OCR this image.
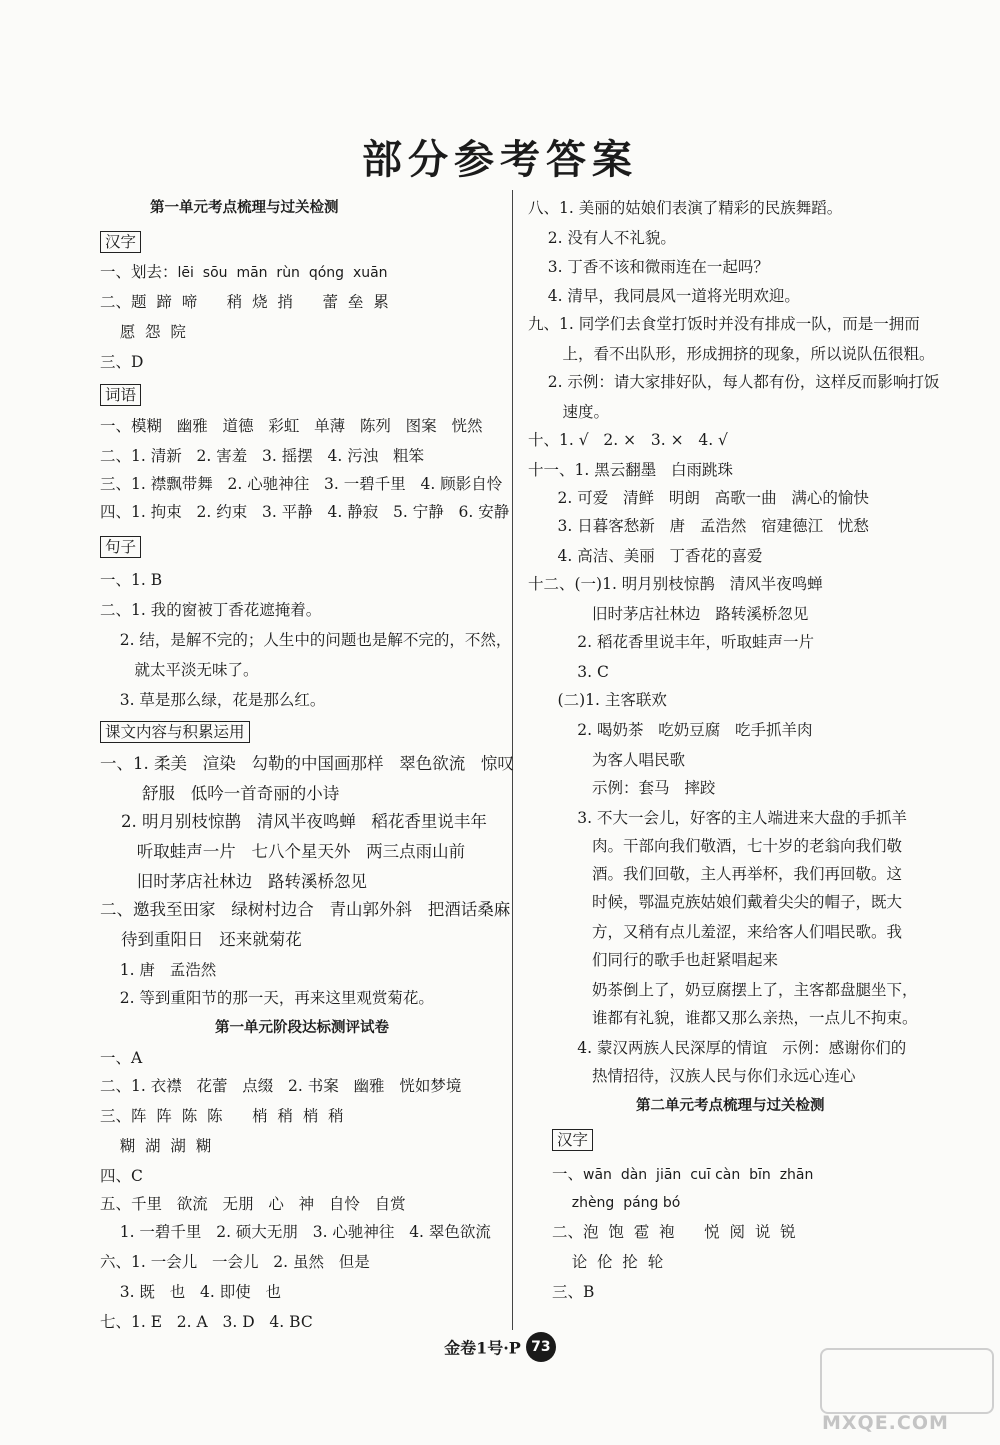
部分参考答案
第一单元考点梳理与过关检测
汉字
一、划去：lēi  sōu  mān  rùn  qóng  xuān
二、题  蹄  啼      稍  烧  捎      蕾  垒  累
愿  怨  院
三、D
词语
一、模糊   幽雅   道德   彩虹   单薄   陈列   图案   恍然
二、1. 清新   2. 害羞   3. 摇摆   4. 污浊   粗笨
三、1. 襟飘带舞   2. 心驰神往   3. 一碧千里   4. 顾影自怜
四、1. 拘束   2. 约束   3. 平静   4. 静寂   5. 宁静   6. 安静
句子
一、1. B
二、1. 我的窗被丁香花遮掩着。
2. 结，是解不完的；人生中的问题也是解不完的，不然，
就太平淡无味了。
3. 草是那么绿，花是那么红。
课文内容与积累运用
一、1. 柔美   渲染   勾勒的中国画那样   翠色欲流   惊叹
舒服   低吟一首奇丽的小诗
2. 明月别枝惊鹊   清风半夜鸣蝉   稻花香里说丰年
听取蛙声一片   七八个星天外   两三点雨山前
旧时茅店社林边   路转溪桥忽见
二、邀我至田家   绿树村边合   青山郭外斜   把酒话桑麻
待到重阳日   还来就菊花
1. 唐   孟浩然
2. 等到重阳节的那一天，再来这里观赏菊花。
第一单元阶段达标测评试卷
一、A
二、1. 衣襟   花蕾   点缀   2. 书案   幽雅   恍如梦境
三、阵  阵  陈  陈      梢  稍  梢  稍
糊  湖  湖  糊
四、C
五、千里   欲流   无朋   心   神   自怜   自赏
1. 一碧千里   2. 硕大无朋   3. 心驰神往   4. 翠色欲流
六、1. 一会儿   一会儿   2. 虽然   但是
3. 既   也   4. 即使   也
七、1. E   2. A   3. D   4. BC
八、1. 美丽的姑娘们表演了精彩的民族舞蹈。
2. 没有人不礼貌。
3. 丁香不该和微雨连在一起吗？
4. 清早，我同晨风一道将光明欢迎。
九、1. 同学们去食堂打饭时并没有排成一队，而是一拥而
上，看不出队形，形成拥挤的现象，所以说队伍很粗。
2. 示例：请大家排好队，每人都有份，这样反而影响打饭
速度。
十、1. √   2. ×   3. ×   4. √
十一、1. 黑云翻墨   白雨跳珠
2. 可爱   清鲜   明朗   高歌一曲   满心的愉快
3. 日暮客愁新   唐   孟浩然   宿建德江   忧愁
4. 高洁、美丽   丁香花的喜爱
十二、(一)1. 明月别枝惊鹊   清风半夜鸣蝉
旧时茅店社林边   路转溪桥忽见
2. 稻花香里说丰年，听取蛙声一片
3. C
(二)1. 主客联欢
2. 喝奶茶   吃奶豆腐   吃手抓羊肉
为客人唱民歌
示例：套马   摔跤
3. 不大一会儿，好客的主人端进来大盘的手抓羊
肉。干部向我们敬酒，七十岁的老翁向我们敬
酒。我们回敬，主人再举杯，我们再回敬。这
时候，鄂温克族姑娘们戴着尖尖的帽子，既大
方，又稍有点儿羞涩，来给客人们唱民歌。我
们同行的歌手也赶紧唱起来
奶茶倒上了，奶豆腐摆上了，主客都盘腿坐下，
谁都有礼貌，谁都又那么亲热，一点儿不拘束。
4. 蒙汉两族人民深厚的情谊   示例：感谢你们的
热情招待，汉族人民与你们永远心连心
第二单元考点梳理与过关检测
汉字
一、wān  dàn  jiān  cuī càn  bīn  zhān
zhèng  páng bó
二、泡  饱  雹  袍      悦  阅  说  锐
论  伦  抡  轮
三、B
金卷1号·P 73
MXQE.COM
